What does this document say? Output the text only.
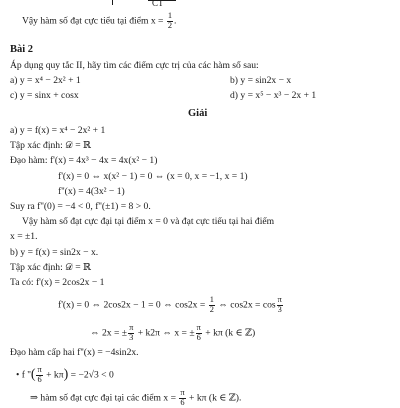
CT
Vậy hàm số đạt cực tiểu tại điểm $x = \frac{1}{2}$ .
Bài 2
Áp dụng quy tắc II, hãy tìm các điểm cực trị của các hàm số sau:
a) y = x⁴ − 2x² + 1	b) y = sin2x − x
c) y = sinx + cosx	d) y = x⁵ − x³ − 2x + 1
Giải
a) y = f(x) = x⁴ − 2x² + 1
Tập xác định: 𝒟 = ℝ
Đạo hàm: f'(x) = 4x³ − 4x = 4x(x² − 1)
f'(x) = 0 ⇔ x(x² − 1) = 0 ⇔ (x = 0, x = −1, x = 1)
f''(x) = 4(3x² − 1)
Suy ra f''(0) = −4 < 0, f''(±1) = 8 > 0.
Vậy hàm số đạt cực đại tại điểm x = 0 và đạt cực tiểu tại hai điểm
x = ±1.
b) y = f(x) = sin2x − x.
Tập xác định: 𝒟 = ℝ
Ta có: f'(x) = 2cos2x − 1
f'(x) = 0 ⇔ 2cos2x − 1 = 0 ⇔ $\cos 2x = \frac{1}{2}$ ⇔ $\cos 2x = \cos \frac{\pi}{3}$
⇔ 2x = ± $\frac{\pi}{3} + k2\pi$ ⇔ x = ± $\frac{\pi}{6} + k\pi$ (k ∈ ℤ)
Đạo hàm cấp hai f''(x) = −4sin2x.
• f ''( $\frac{\pi}{6} + k\pi) = -2√3 < 0$
⇒ hàm số đạt cực đại tại các điểm $x = \frac{\pi}{6} + k\pi$ (k ∈ ℤ).
